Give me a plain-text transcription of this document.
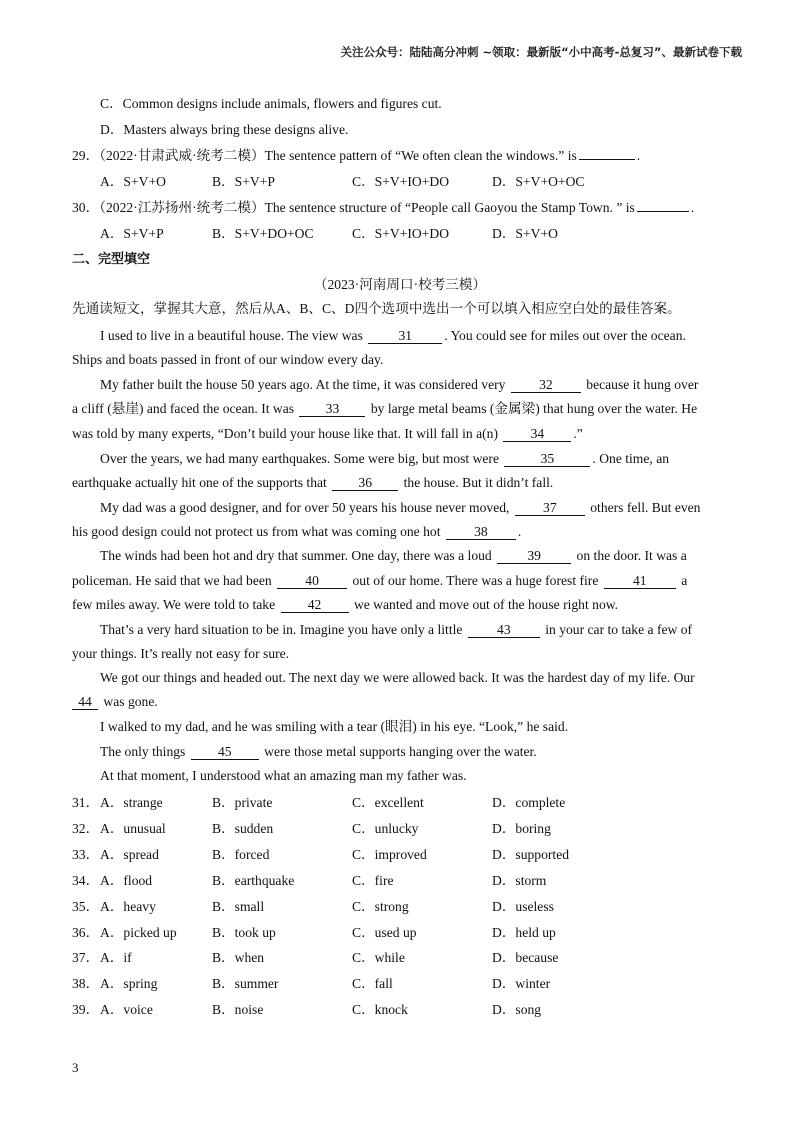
关注公众号：陆陆高分冲刺 ~领取：最新版“小中高考-总复习”、最新试卷下载
C．Common designs include animals, flowers and figures cut.
D．Masters always bring these designs alive.
29．（2022·甘肃武威·统考二模）The sentence pattern of “We often clean the windows.” is	.
A．S+V+O	B．S+V+P	C．S+V+IO+DO	D．S+V+O+OC
30．（2022·江苏扬州·统考二模）The sentence structure of “People call Gaoyou the Stamp Town. ” is	.
A．S+V+P	B．S+V+DO+OC	C．S+V+IO+DO	D．S+V+O
二、完型填空
（2023·河南周口·校考三模）
先通读短文，掌握其大意，然后从A、B、C、D四个选项中选出一个可以填入相应空白处的最佳答案。
I used to live in a beautiful house. The view was	31 . You could see for miles out over the ocean.
Ships and boats passed in front of our window every day.
My father built the house 50 years ago. At the time, it was considered very 32 because it hung over
a cliff (悬崖) and faced the ocean. It was 33 by large metal beams (金属梁) that hung over the water. He
was told by many experts, “Don’t build your house like that. It will fall in a(n) 34 .”
Over the years, we had many earthquakes. Some were big, but most were	35	. One time, an
earthquake actually hit one of the supports that 36 the house. But it didn’t fall.
My dad was a good designer, and for over 50 years his house never moved, 37 others fell. But even
his good design could not protect us from what was coming one hot 38 .
The winds had been hot and dry that summer. One day, there was a loud	39	on the door. It was a
policeman. He said that we had been 40 out of our home. There was a huge forest fire	41	a
few miles away. We were told to take 42 we wanted and move out of the house right now.
That’s a very hard situation to be in. Imagine you have only a little	43	in your car to take a few of
your things. It’s really not easy for sure.
We got our things and headed out. The next day we were allowed back. It was the hardest day of my life. Our
44 was gone.
I walked to my dad, and he was smiling with a tear (眼泪) in his eye. “Look,” he said.
The only things 45 were those metal supports hanging over the water.
At that moment, I understood what an amazing man my father was.
31． A．strange	B．private	C．excellent	D．complete
32． A．unusual	B．sudden	C．unlucky	D．boring
33． A．spread	B．forced	C．improved	D．supported
34． A．flood	B．earthquake	C．fire	D．storm
35． A．heavy	B．small	C．strong	D．useless
36． A．picked up	B．took up	C．used up	D．held up
37． A．if	B．when	C．while	D．because
38． A．spring	B．summer	C．fall	D．winter
39． A．voice	B．noise	C．knock	D．song
3
